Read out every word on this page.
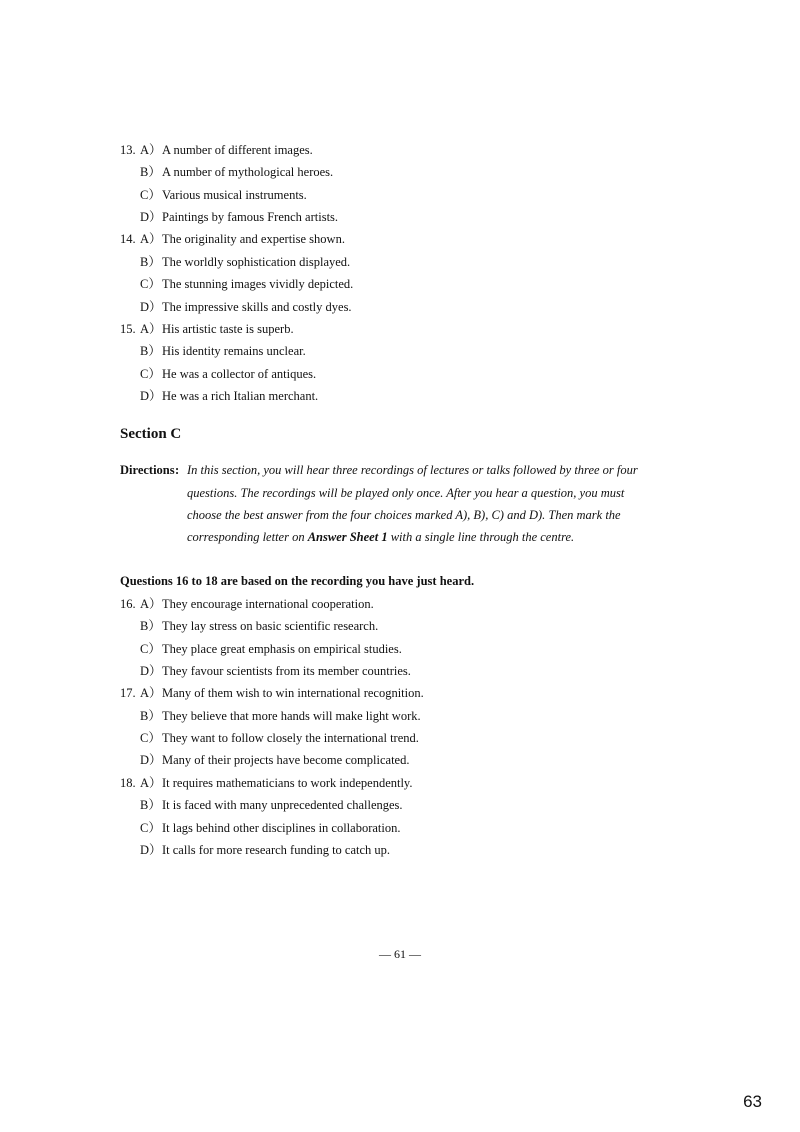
13. A） A number of different images.
B） A number of mythological heroes.
C） Various musical instruments.
D） Paintings by famous French artists.
14. A） The originality and expertise shown.
B） The worldly sophistication displayed.
C） The stunning images vividly depicted.
D） The impressive skills and costly dyes.
15. A） His artistic taste is superb.
B） His identity remains unclear.
C） He was a collector of antiques.
D） He was a rich Italian merchant.
Section C
Directions : In this section, you will hear three recordings of lectures or talks followed by three or four
questions. The recordings will be played only once. After you hear a question, you must
choose the best answer from the four choices marked A), B), C) and D). Then mark the
corresponding letter on Answer Sheet 1 with a single line through the centre.
Questions 16 to 18 are based on the recording you have just heard.
16. A） They encourage international cooperation.
B） They lay stress on basic scientific research.
C） They place great emphasis on empirical studies.
D） They favour scientists from its member countries.
17. A） Many of them wish to win international recognition.
B） They believe that more hands will make light work.
C） They want to follow closely the international trend.
D） Many of their projects have become complicated.
18. A） It requires mathematicians to work independently.
B） It is faced with many unprecedented challenges.
C） It lags behind other disciplines in collaboration.
D） It calls for more research funding to catch up.
— 61 —
63
